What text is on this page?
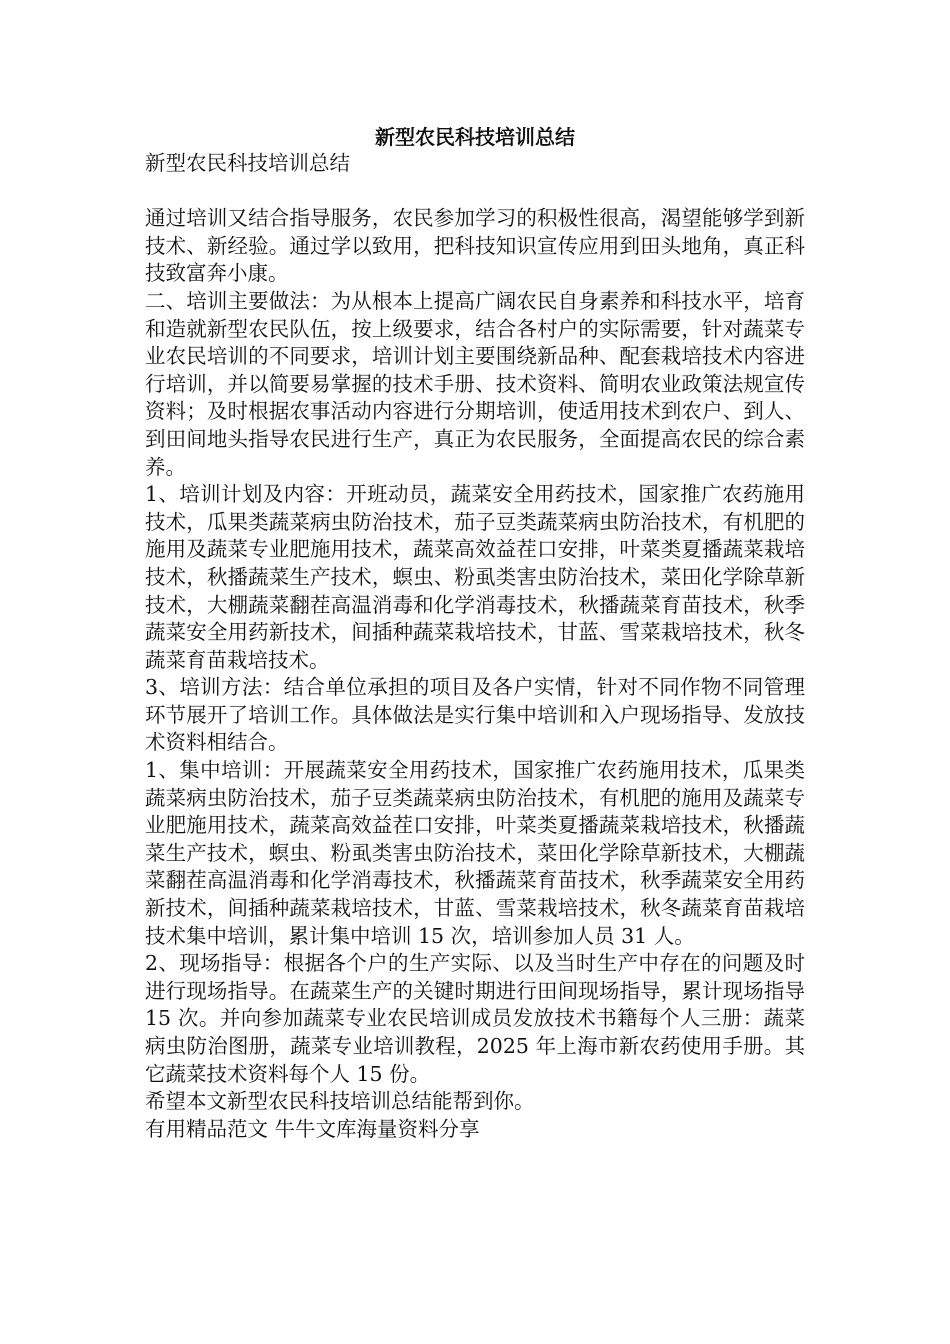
新型农民科技培训总结

新型农民科技培训总结

通过培训又结合指导服务，农民参加学习的积极性很高，渴望能够学到新技术、新经验。通过学以致用，把科技知识宣传应用到田头地角，真正科技致富奔小康。

二、培训主要做法：为从根本上提高广阔农民自身素养和科技水平，培育和造就新型农民队伍，按上级要求，结合各村户的实际需要，针对蔬菜专业农民培训的不同要求，培训计划主要围绕新品种、配套栽培技术内容进行培训，并以简要易掌握的技术手册、技术资料、简明农业政策法规宣传资料；及时根据农事活动内容进行分期培训，使适用技术到农户、到人、到田间地头指导农民进行生产，真正为农民服务，全面提高农民的综合素养。

1、培训计划及内容：开班动员，蔬菜安全用药技术，国家推广农药施用技术，瓜果类蔬菜病虫防治技术，茄子豆类蔬菜病虫防治技术，有机肥的施用及蔬菜专业肥施用技术，蔬菜高效益茬口安排，叶菜类夏播蔬菜栽培技术，秋播蔬菜生产技术，螟虫、粉虱类害虫防治技术，菜田化学除草新技术，大棚蔬菜翻茬高温消毒和化学消毒技术，秋播蔬菜育苗技术，秋季蔬菜安全用药新技术，间插种蔬菜栽培技术，甘蓝、雪菜栽培技术，秋冬蔬菜育苗栽培技术。

3、培训方法：结合单位承担的项目及各户实情，针对不同作物不同管理环节展开了培训工作。具体做法是实行集中培训和入户现场指导、发放技术资料相结合。

1、集中培训：开展蔬菜安全用药技术，国家推广农药施用技术，瓜果类蔬菜病虫防治技术，茄子豆类蔬菜病虫防治技术，有机肥的施用及蔬菜专业肥施用技术，蔬菜高效益茬口安排，叶菜类夏播蔬菜栽培技术，秋播蔬菜生产技术，螟虫、粉虱类害虫防治技术，菜田化学除草新技术，大棚蔬菜翻茬高温消毒和化学消毒技术，秋播蔬菜育苗技术，秋季蔬菜安全用药新技术，间插种蔬菜栽培技术，甘蓝、雪菜栽培技术，秋冬蔬菜育苗栽培技术集中培训，累计集中培训 15 次，培训参加人员 31 人。

2、现场指导：根据各个户的生产实际、以及当时生产中存在的问题及时进行现场指导。在蔬菜生产的关键时期进行田间现场指导，累计现场指导 15 次。并向参加蔬菜专业农民培训成员发放技术书籍每个人三册：蔬菜病虫防治图册，蔬菜专业培训教程，2025 年上海市新农药使用手册。其它蔬菜技术资料每个人 15 份。

希望本文新型农民科技培训总结能帮到你。

有用精品范文 牛牛文库海量资料分享
